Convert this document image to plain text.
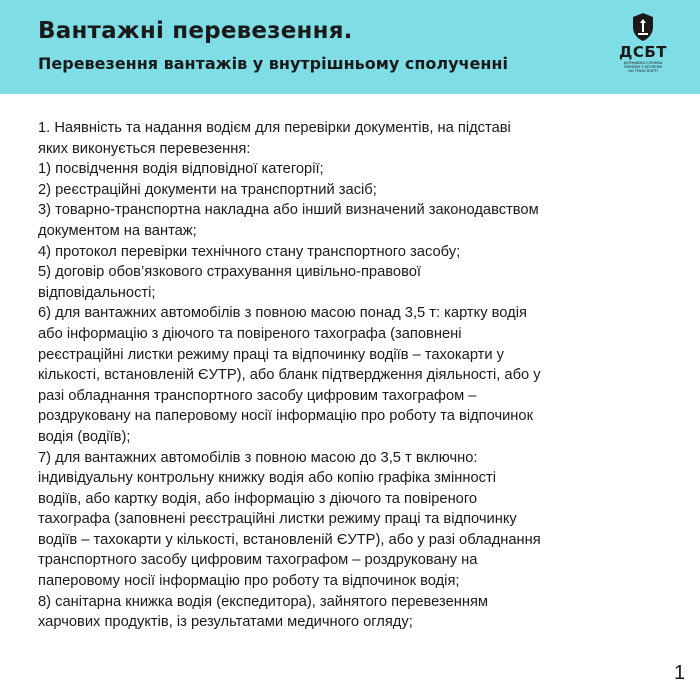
Вантажні перевезення.
Перевезення вантажів у внутрішньому сполученні
ДСБТ
ДЕРЖАВНА СЛУЖБА
УКРАЇНИ З БЕЗПЕКИ
НА ТРАНСПОРТІ
1. Наявність та надання водієм для перевірки документів, на підставі
яких виконується перевезення:
1) посвідчення водія відповідної категорії;
2) реєстраційні документи на транспортний засіб;
3) товарно-транспортна накладна або інший визначений законодавством
документом на вантаж;
4) протокол перевірки технічного стану транспортного засобу;
5) договір обов’язкового страхування цивільно-правової
відповідальності;
6) для вантажних автомобілів з повною масою понад 3,5 т: картку водія
або інформацію з діючого та повіреного тахографа (заповнені
реєстраційні листки режиму праці та відпочинку водіїв – тахокарти у
кількості, встановленій ЄУТР), або бланк підтвердження діяльності, або у
разі обладнання транспортного засобу цифровим тахографом –
роздруковану на паперовому носії інформацію про роботу та відпочинок
водія (водіїв);
7) для вантажних автомобілів з повною масою до 3,5 т включно:
індивідуальну контрольну книжку водія або копію графіка змінності
водіїв, або картку водія, або інформацію з діючого та повіреного
тахографа (заповнені реєстраційні листки режиму праці та відпочинку
водіїв – тахокарти у кількості, встановленій ЄУТР), або у разі обладнання
транспортного засобу цифровим тахографом – роздруковану на
паперовому носії інформацію про роботу та відпочинок водія;
8) санітарна книжка водія (експедитора), зайнятого перевезенням
харчових продуктів, із результатами медичного огляду;
1
